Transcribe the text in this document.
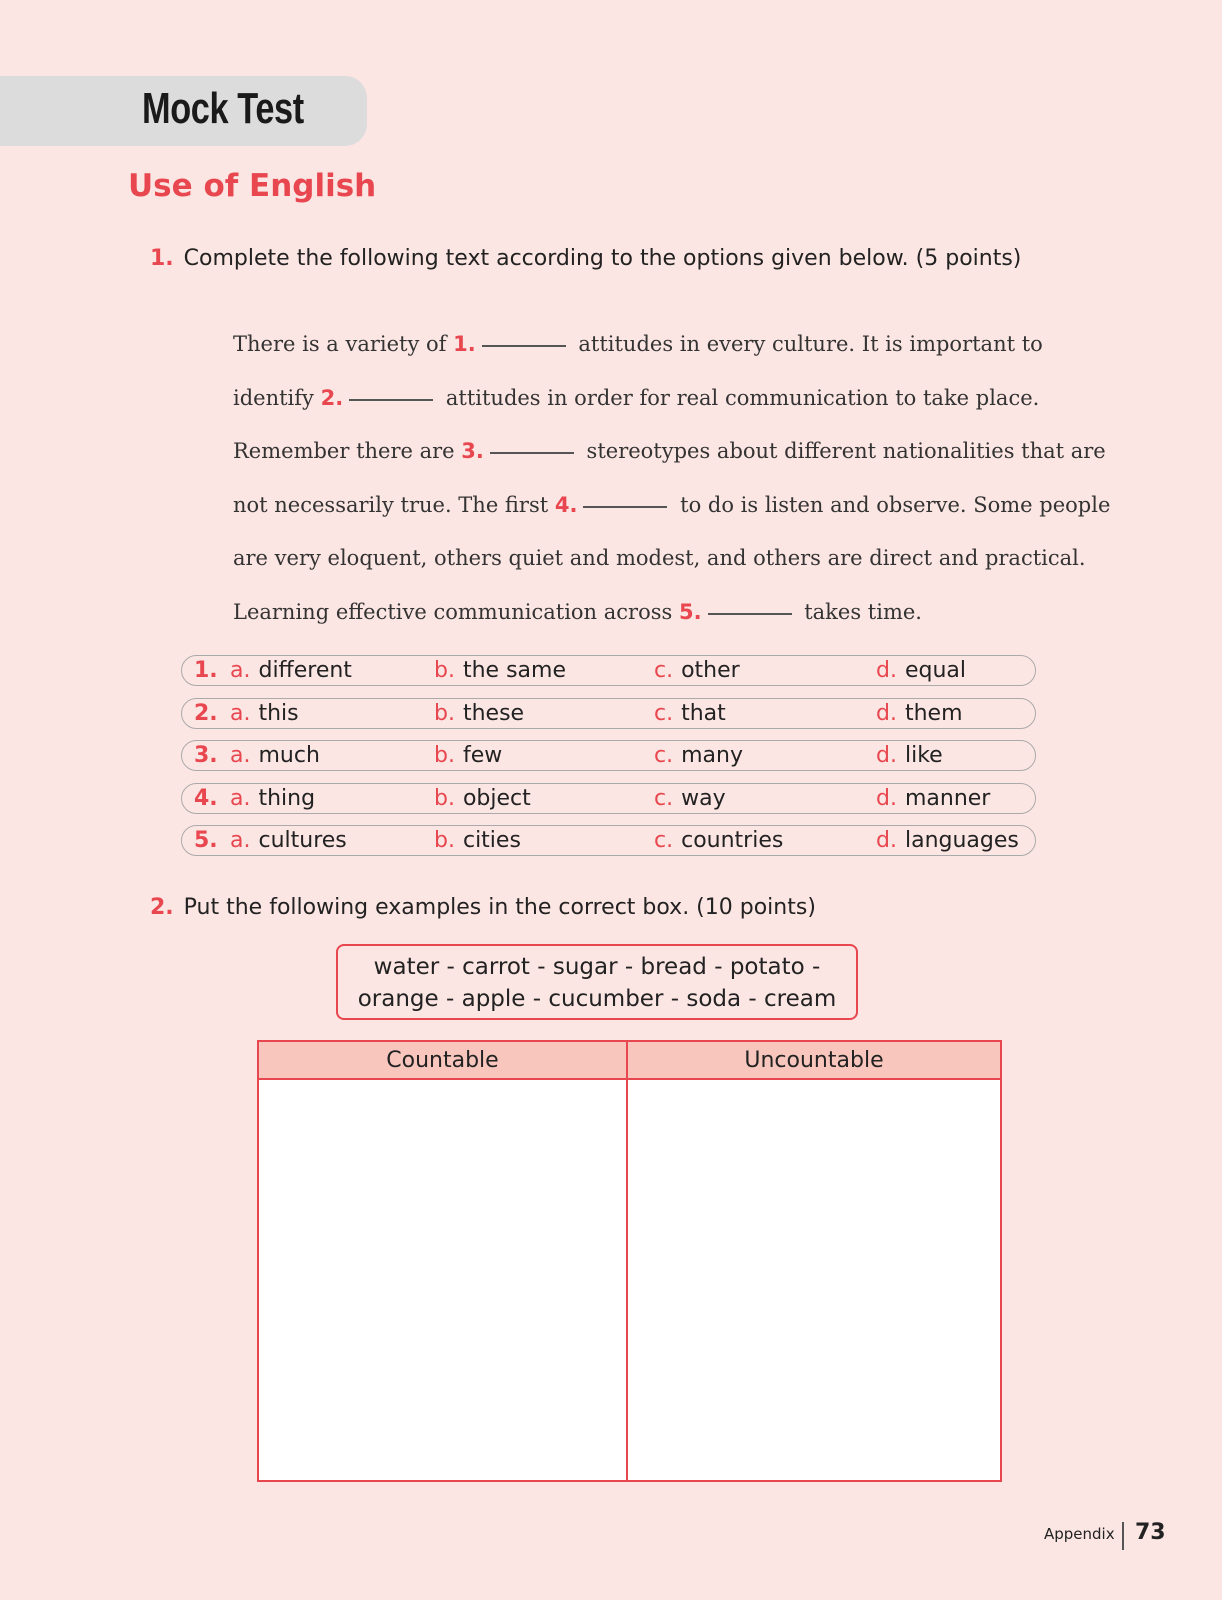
Mock Test
Use of English
1. Complete the following text according to the options given below. (5 points)
There is a variety of 1.	attitudes in every culture. It is important to
identify 2.	attitudes in order for real communication to take place.
Remember there are 3.	stereotypes about different nationalities that are
not necessarily true. The first 4.	to do is listen and observe. Some people
are very eloquent, others quiet and modest, and others are direct and practical.
Learning effective communication across 5.	takes time.
1. a. different	b. the same	c. other	d. equal
2. a. this	b. these	c. that	d. them
3. a. much	b. few	c. many	d. like
4. a. thing	b. object	c. way	d. manner
5. a. cultures	b. cities	c. countries	d. languages
2. Put the following examples in the correct box. (10 points)
water - carrot - sugar - bread - potato -
orange - apple - cucumber - soda - cream
Countable	Uncountable
Appendix 73
